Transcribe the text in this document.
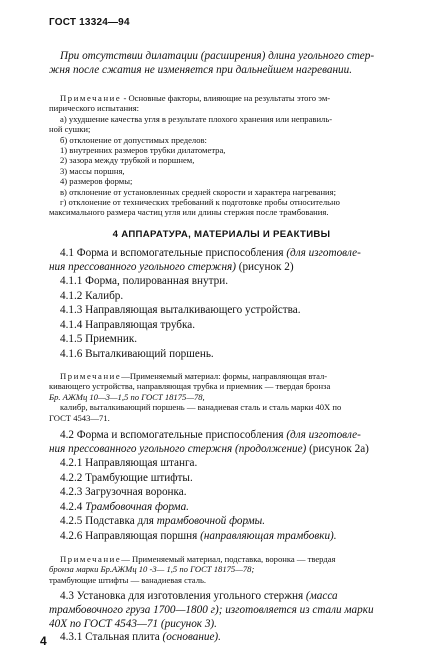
ГОСТ 13324—94
При отсутствии дилатации (расширения) длина угольного стер-
жня после сжатия не изменяется при дальнейшем нагревании.
Примечание - Основные факторы, влияющие на результаты этого эм-
пирического испытания:
а) ухудшение качества угля в результате плохого хранения или неправиль-
ной сушки;
б) отклонение от допустимых пределов:
1) внутренних размеров трубки дилатометра,
2) зазора между трубкой и поршнем,
3) массы поршня,
4) размеров формы;
в) отклонение от установленных средней скорости и характера нагревания;
г) отклонение от технических требований к подготовке пробы относительно
максимального размера частиц угля или длины стержня после трамбования.
4 АППАРАТУРА, МАТЕРИАЛЫ И РЕАКТИВЫ
4.1 Форма и вспомогательные приспособления (для изготовле-
ния прессованного угольного стержня) (рисунок 2)
4.1.1 Форма, полированная внутри.
4.1.2 Калибр.
4.1.3 Направляющая выталкивающего устройства.
4.1.4 Направляющая трубка.
4.1.5 Приемник.
4.1.6 Выталкивающий поршень.
Примечание—Применяемый материал: формы, направляющая втал-
кивающего устройства, направляющая трубка и приемник — твердая бронза
Бр. АЖМц 10—3—1,5 по ГОСТ 18175—78,
калибр, выталкивающий поршень — ванадиевая сталь и сталь марки 40Х по
ГОСТ 4543—71.
4.2 Форма и вспомогательные приспособления (для изготовле-
ния прессованного угольного стержня (продолжение) (рисунок 2а)
4.2.1 Направляющая штанга.
4.2.2 Трамбующие штифты.
4.2.3 Загрузочная воронка.
4.2.4 Трамбовочная форма.
4.2.5 Подставка для трамбовочной формы.
4.2.6 Направляющая поршня (направляющая трамбовки).
Примечание— Применяемый материал, подставка, воронка — твердая
бронза марки Бр.АЖМц 10 -3— 1,5 по ГОСТ 18175—78;
трамбующие штифты — ванадиевая сталь.
4.3 Установка для изготовления угольного стержня (масса
трамбовочного груза 1700—1800 г); изготовляется из стали марки
40Х по ГОСТ 4543—71 (рисунок 3).
4.3.1 Стальная плита (основание).
4
